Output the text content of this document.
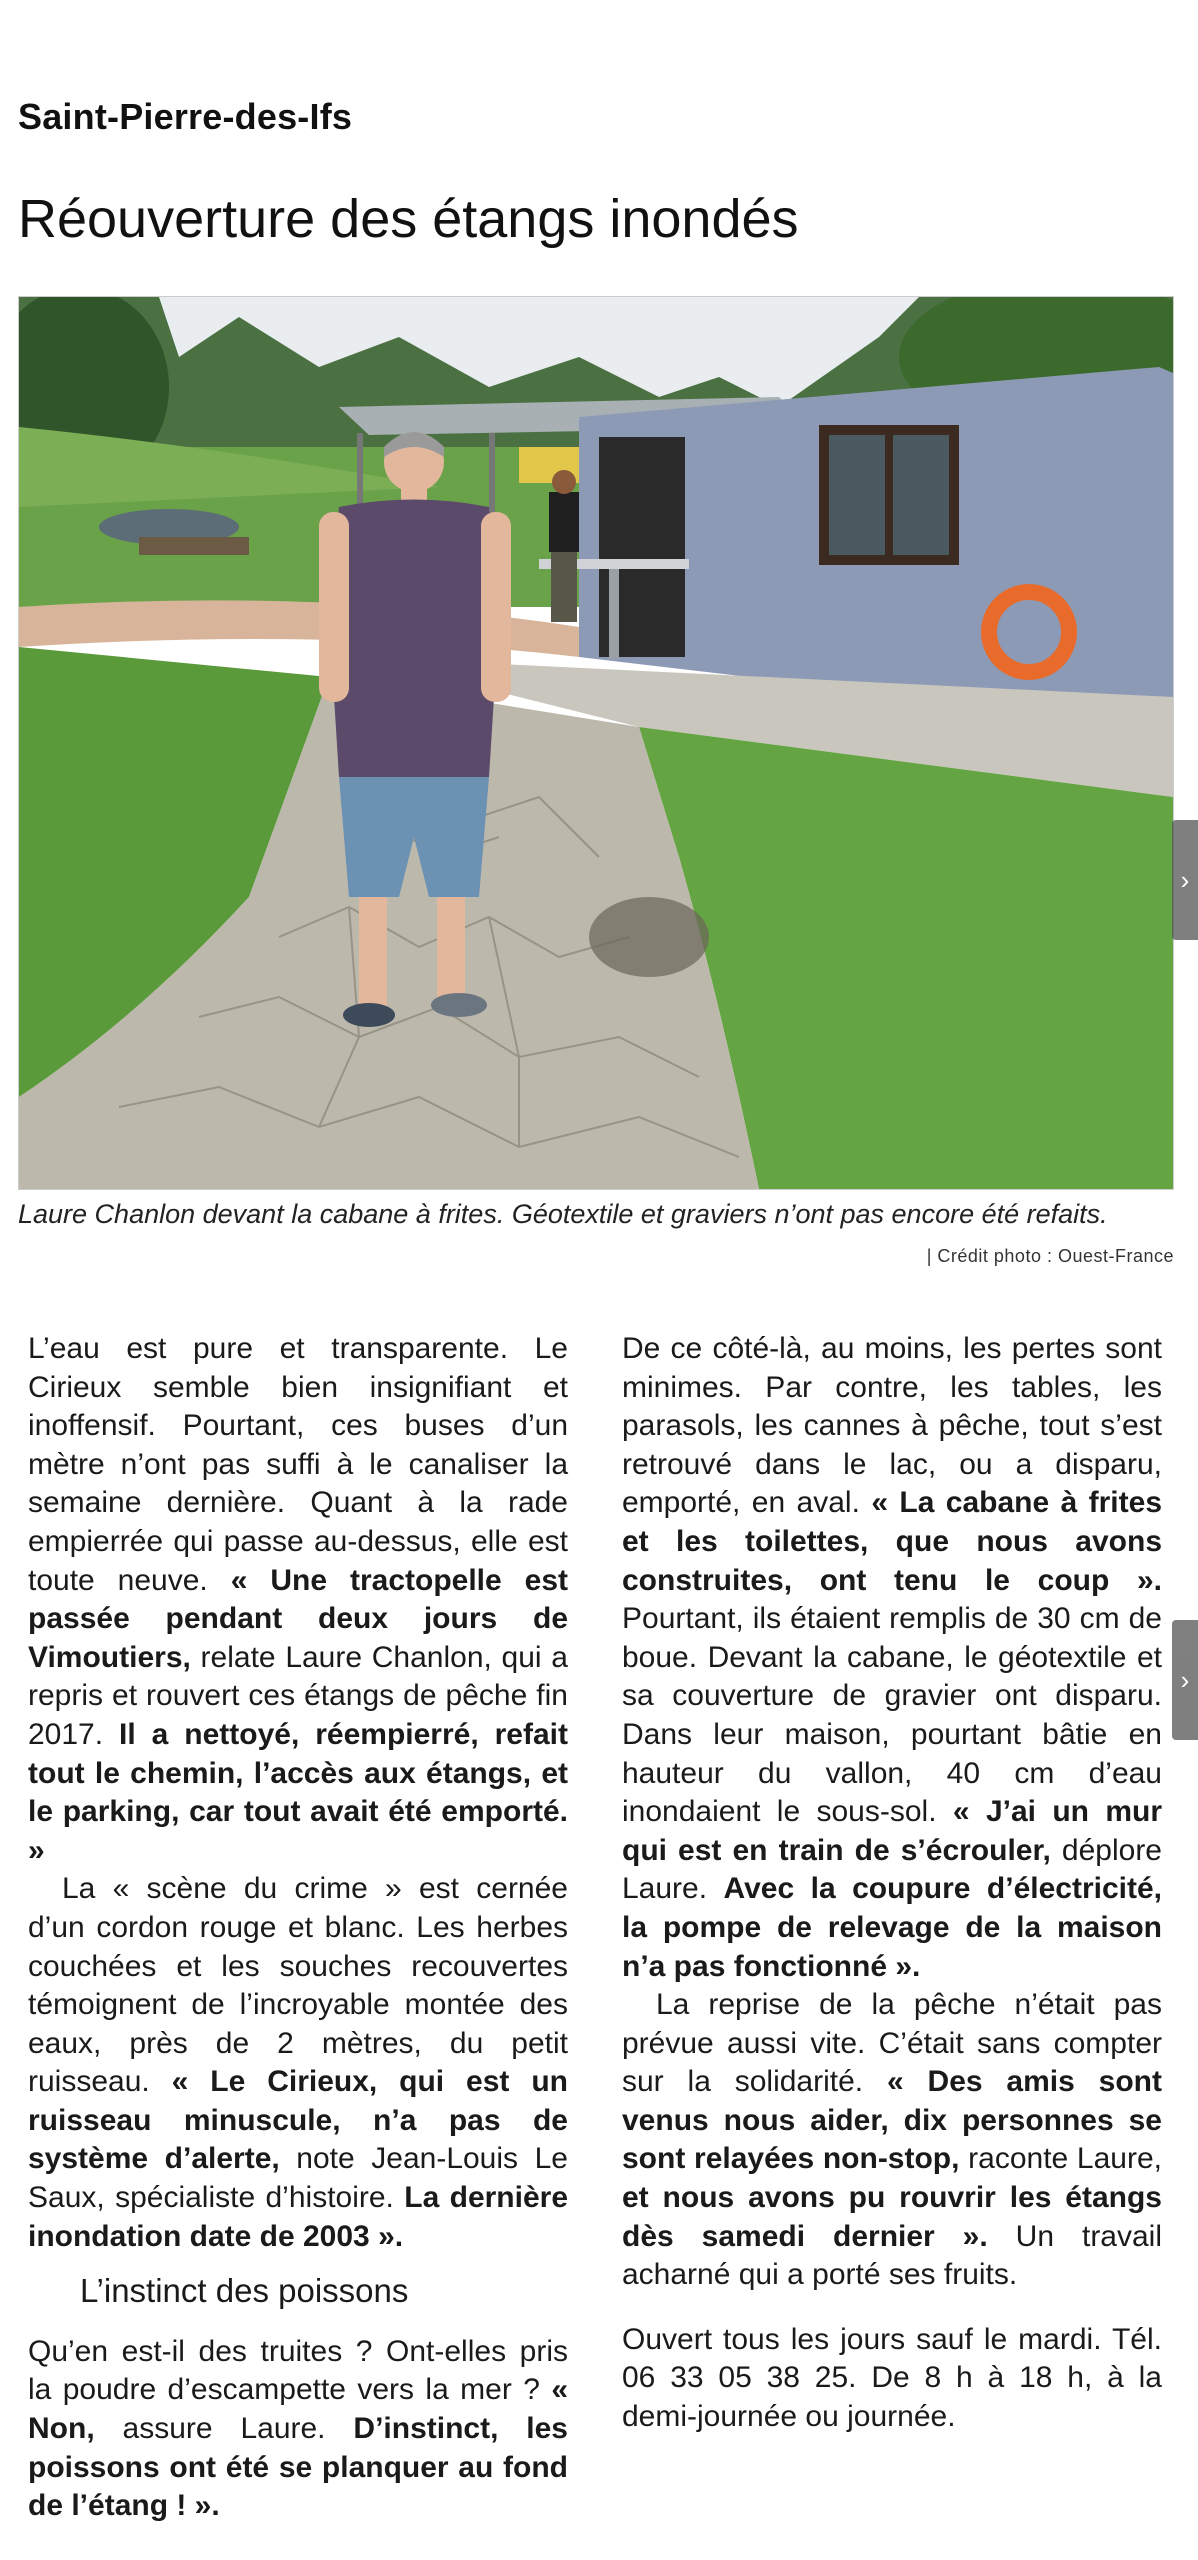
Saint-Pierre-des-Ifs
Réouverture des étangs inondés
Laure Chanlon devant la cabane à frites. Géotextile et graviers n’ont pas encore été refaits.
| Crédit photo : Ouest-France

L’eau est pure et transparente. Le Cirieux semble bien insignifiant et inoffensif. Pourtant, ces buses d’un mètre n’ont pas suffi à le canaliser la semaine dernière. Quant à la rade empierrée qui passe au-dessus, elle est toute neuve. « Une tractopelle est passée pendant deux jours de Vimoutiers, relate Laure Chanlon, qui a repris et rouvert ces étangs de pêche fin 2017. Il a nettoyé, réempierré, refait tout le chemin, l’accès aux étangs, et le parking, car tout avait été emporté. »

La « scène du crime » est cernée d’un cordon rouge et blanc. Les herbes couchées et les souches recouvertes témoignent de l’incroyable montée des eaux, près de 2 mètres, du petit ruisseau. « Le Cirieux, qui est un ruisseau minuscule, n’a pas de système d’alerte, note Jean-Louis Le Saux, spécialiste d’histoire. La dernière inondation date de 2003 ».

L’instinct des poissons

Qu’en est-il des truites ? Ont-elles pris la poudre d’escampette vers la mer ? « Non, assure Laure. D’instinct, les poissons ont été se planquer au fond de l’étang ! ».

De ce côté-là, au moins, les pertes sont minimes. Par contre, les tables, les parasols, les cannes à pêche, tout s’est retrouvé dans le lac, ou a disparu, emporté, en aval. « La cabane à frites et les toilettes, que nous avons construites, ont tenu le coup ». Pourtant, ils étaient remplis de 30 cm de boue. Devant la cabane, le géotextile et sa couverture de gravier ont disparu. Dans leur maison, pourtant bâtie en hauteur du vallon, 40 cm d’eau inondaient le sous-sol. « J’ai un mur qui est en train de s’écrouler, déplore Laure. Avec la coupure d’électricité, la pompe de relevage de la maison n’a pas fonctionné ».

La reprise de la pêche n’était pas prévue aussi vite. C’était sans compter sur la solidarité. « Des amis sont venus nous aider, dix personnes se sont relayées non-stop, raconte Laure, et nous avons pu rouvrir les étangs dès samedi dernier ». Un travail acharné qui a porté ses fruits.

Ouvert tous les jours sauf le mardi. Tél. 06 33 05 38 25. De 8 h à 18 h, à la demi-journée ou journée.

›
›
